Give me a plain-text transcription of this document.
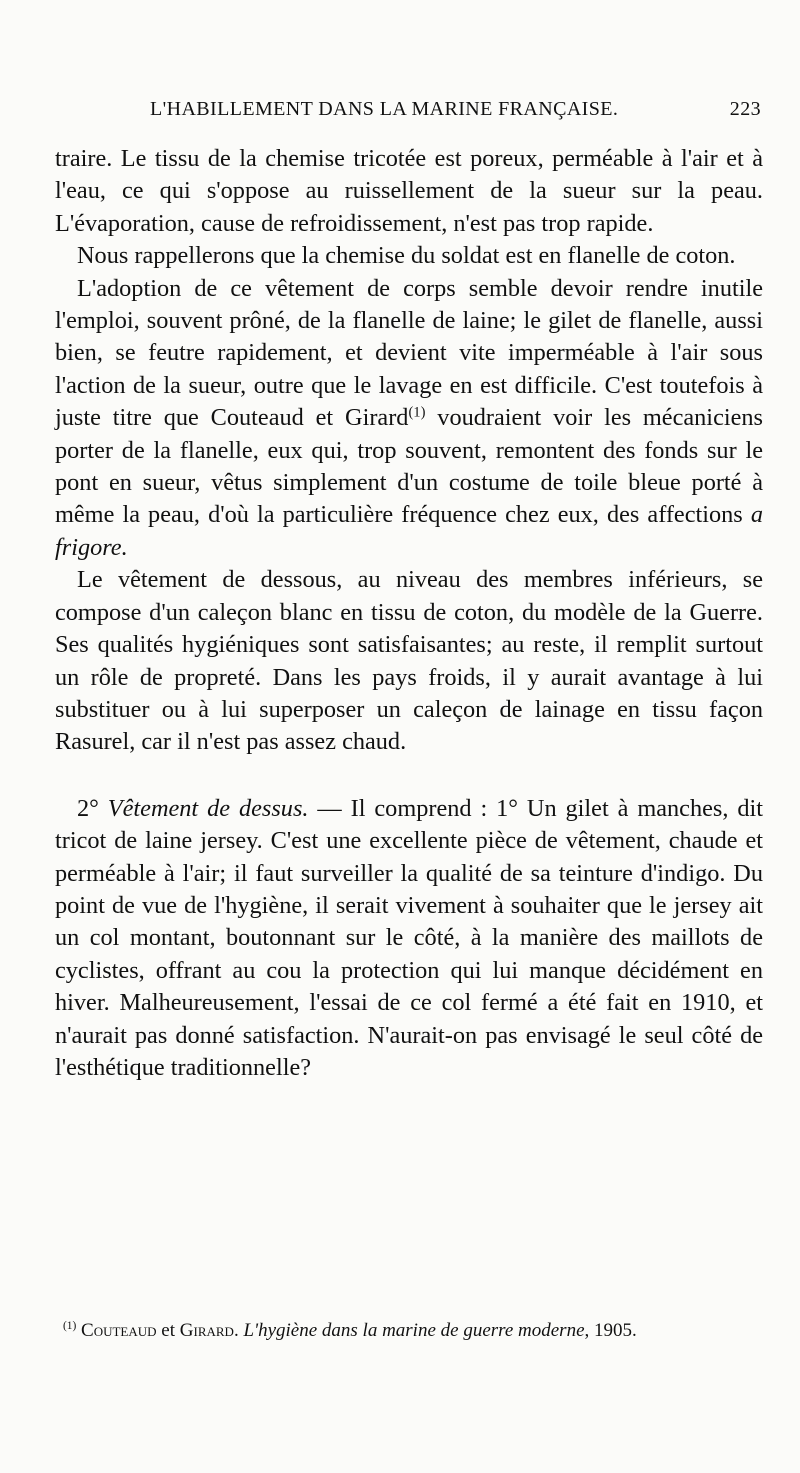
L'HABILLEMENT DANS LA MARINE FRANÇAISE.	223

traire. Le tissu de la chemise tricotée est poreux, perméable à l'air et à l'eau, ce qui s'oppose au ruissellement de la sueur sur la peau. L'évaporation, cause de refroidissement, n'est pas trop rapide.

Nous rappellerons que la chemise du soldat est en flanelle de coton.

L'adoption de ce vêtement de corps semble devoir rendre inutile l'emploi, souvent prôné, de la flanelle de laine; le gilet de flanelle, aussi bien, se feutre rapidement, et devient vite imperméable à l'air sous l'action de la sueur, outre que le lavage en est difficile. C'est toutefois à juste titre que Couteaud et Girard$^{(1)}$ voudraient voir les mécaniciens porter de la flanelle, eux qui, trop souvent, remontent des fonds sur le pont en sueur, vêtus simplement d'un costume de toile bleue porté à même la peau, d'où la particulière fréquence chez eux, des affections a frigore.

Le vêtement de dessous, au niveau des membres inférieurs, se compose d'un caleçon blanc en tissu de coton, du modèle de la Guerre. Ses qualités hygiéniques sont satisfaisantes; au reste, il remplit surtout un rôle de propreté. Dans les pays froids, il y aurait avantage à lui substituer ou à lui superposer un caleçon de lainage en tissu façon Rasurel, car il n'est pas assez chaud.

2° Vêtement de dessus. — Il comprend : 1° Un gilet à manches, dit tricot de laine jersey. C'est une excellente pièce de vêtement, chaude et perméable à l'air; il faut surveiller la qualité de sa teinture d'indigo. Du point de vue de l'hygiène, il serait vivement à souhaiter que le jersey ait un col montant, boutonnant sur le côté, à la manière des maillots de cyclistes, offrant au cou la protection qui lui manque décidément en hiver. Malheureusement, l'essai de ce col fermé a été fait en 1910, et n'aurait pas donné satisfaction. N'aurait-on pas envisagé le seul côté de l'esthétique traditionnelle?

$^{(1)}$ Couteaud et Girard. L'hygiène dans la marine de guerre moderne, 1905.
